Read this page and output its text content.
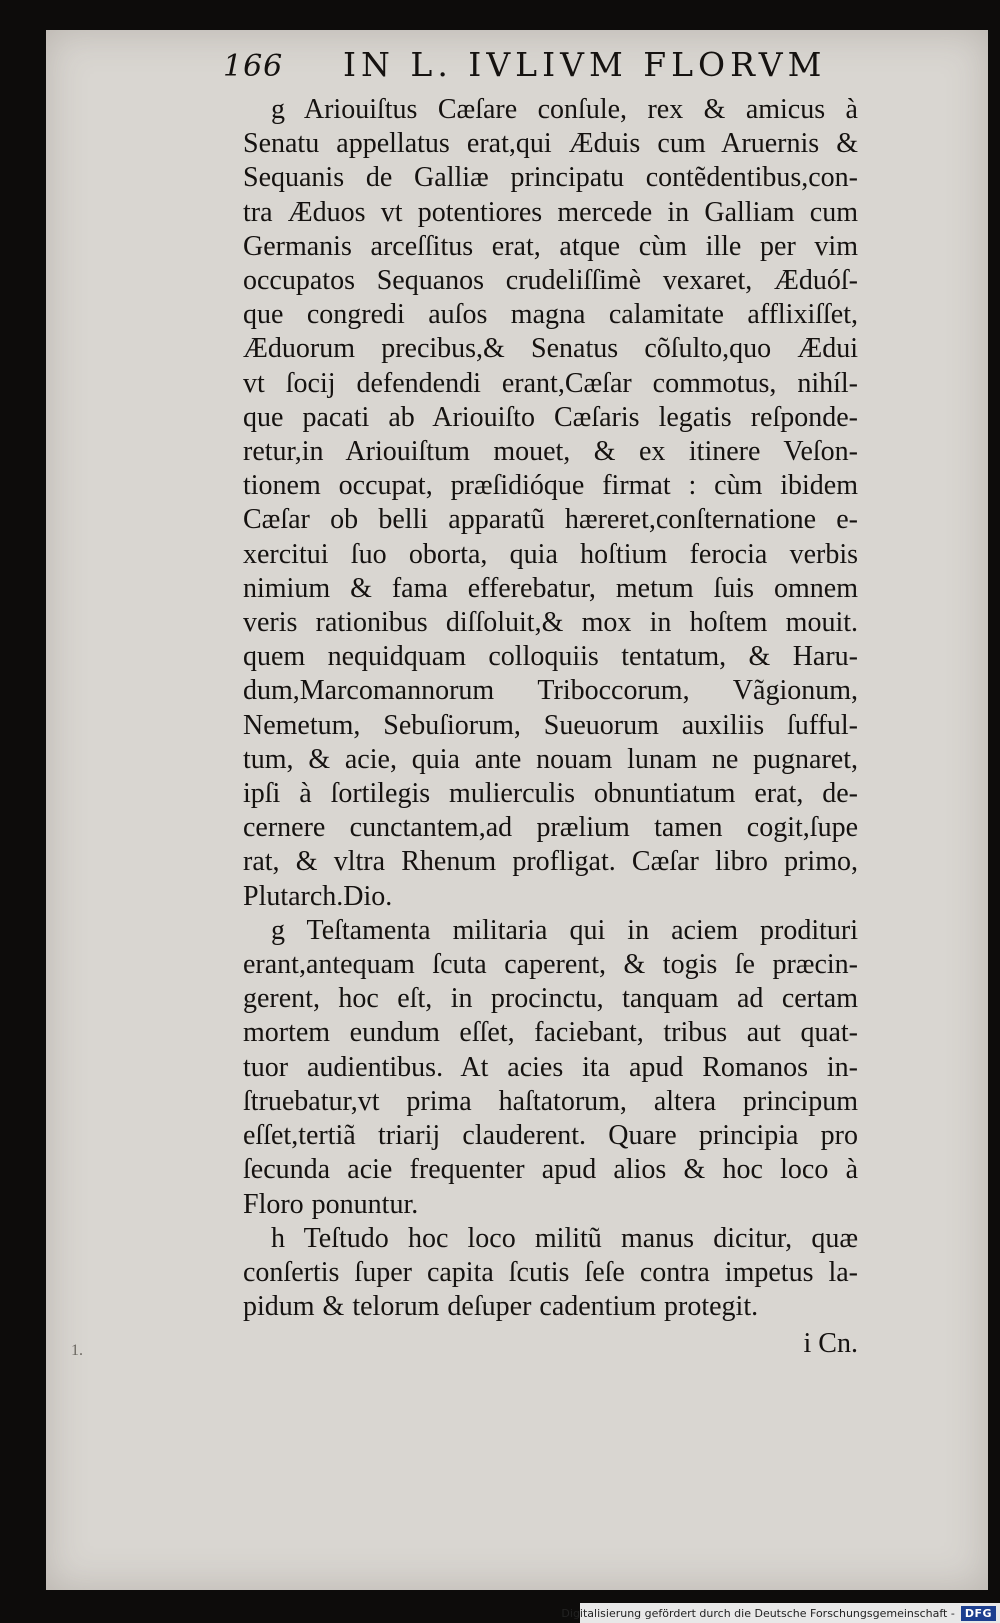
1.
166 IN L. IVLIVM FLORVM

g Ariouiſtus Cæſare conſule, rex & amicus à
Senatu appellatus erat,qui Æduis cum Aruernis &
Sequanis de Galliæ principatu contẽdentibus,con-
tra Æduos vt potentiores mercede in Galliam cum
Germanis arceſſitus erat, atque cùm ille per vim
occupatos Sequanos crudeliſſimè vexaret, Æduóſ-
que congredi auſos magna calamitate afflixiſſet,
Æduorum precibus,& Senatus cõſulto,quo Ædui
vt ſocij defendendi erant,Cæſar commotus, nihíl-
que pacati ab Ariouiſto Cæſaris legatis reſponde-
retur,in Ariouiſtum mouet, & ex itinere Veſon-
tionem occupat, præſidióque firmat : cùm ibidem
Cæſar ob belli apparatũ hæreret,conſternatione e-
xercitui ſuo oborta, quia hoſtium ferocia verbis
nimium & fama efferebatur, metum ſuis omnem
veris rationibus diſſoluit,& mox in hoſtem mouit.
quem nequidquam colloquiis tentatum, & Haru-
dum,Marcomannorum Triboccorum, Vãgionum,
Nemetum, Sebuſiorum, Sueuorum auxiliis ſufful-
tum, & acie, quia ante nouam lunam ne pugnaret,
ipſi à ſortilegis mulierculis obnuntiatum erat, de-
cernere cunctantem,ad prælium tamen cogit,ſupe
rat, & vltra Rhenum profligat. Cæſar libro primo,
Plutarch.Dio.

g Teſtamenta militaria qui in aciem prodituri
erant,antequam ſcuta caperent, & togis ſe præcin-
gerent, hoc eſt, in procinctu, tanquam ad certam
mortem eundum eſſet, faciebant, tribus aut quat-
tuor audientibus. At acies ita apud Romanos in-
ſtruebatur,vt prima haſtatorum, altera principum
eſſet,tertiã triarij clauderent. Quare principia pro
ſecunda acie frequenter apud alios & hoc loco à
Floro ponuntur.

h Teſtudo hoc loco militũ manus dicitur, quæ
conſertis ſuper capita ſcutis ſeſe contra impetus la-
pidum & telorum deſuper cadentium protegit.

i Cn.
Digitalisierung gefördert durch die Deutsche Forschungsgemeinschaft - DFG
